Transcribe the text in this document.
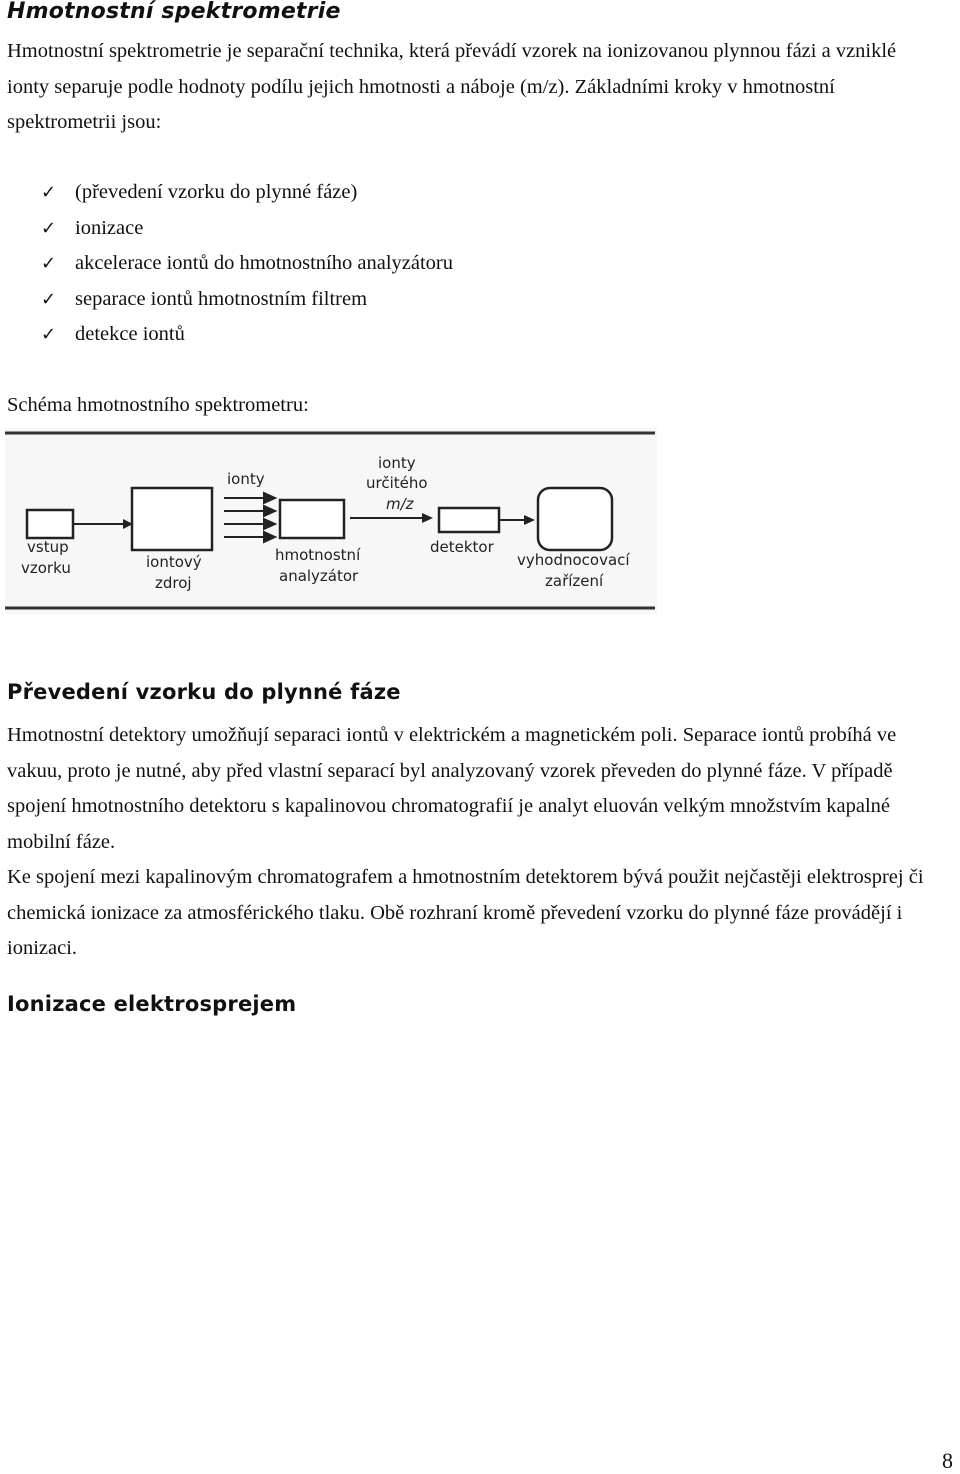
Hmotnostní spektrometrie
Hmotnostní spektrometrie je separační technika, která převádí vzorek na ionizovanou plynnou fázi a vzniklé ionty separuje podle hodnoty podílu jejich hmotnosti a náboje (m/z). Základními kroky v hmotnostní spektrometrii jsou:
✓ (převedení vzorku do plynné fáze)
✓ ionizace
✓ akcelerace iontů do hmotnostního analyzátoru
✓ separace iontů hmotnostním filtrem
✓ detekce iontů
Schéma hmotnostního spektrometru:
vstup
vzorku	iontový
zdroj
ionty
hmotnostní
analyzátor
ionty
určitého
m/z
detektor
vyhodnocovací
zařízení
Převedení vzorku do plynné fáze
Hmotnostní detektory umožňují separaci iontů v elektrickém a magnetickém poli. Separace iontů probíhá ve vakuu, proto je nutné, aby před vlastní separací byl analyzovaný vzorek převeden do plynné fáze. V případě spojení hmotnostního detektoru s kapalinovou chromatografií je analyt eluován velkým množstvím kapalné mobilní fáze.
Ke spojení mezi kapalinovým chromatografem a hmotnostním detektorem bývá použit nejčastěji elektrosprej či chemická ionizace za atmosférického tlaku. Obě rozhraní kromě převedení vzorku do plynné fáze provádějí i ionizaci.
Ionizace elektrosprejem
8
